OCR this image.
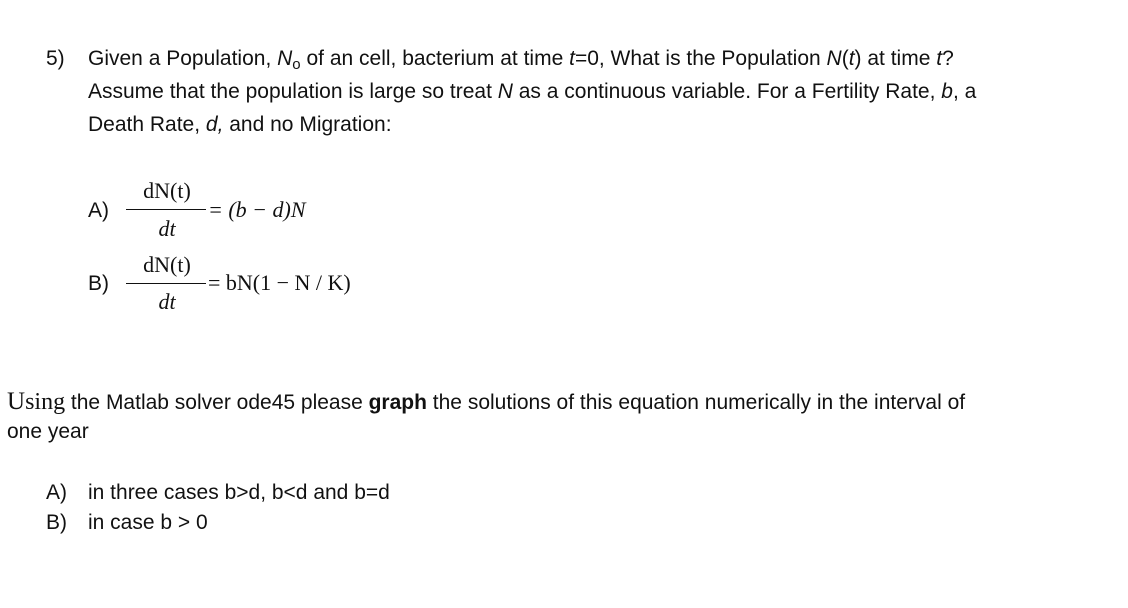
5) Given a Population, No of an cell, bacterium at time t=0, What is the Population N(t) at time t?
Assume that the population is large so treat N as a continuous variable. For a Fertility Rate, b, a
Death Rate, d, and no Migration:
A)
dN(t)
dt
= (b − d)N
B)
dN(t)
dt
= bN(1 − N / K)
Using the Matlab solver ode45 please graph the solutions of this equation numerically in the interval of
one year
A) in three cases b>d, b<d and b=d
B) in case b > 0
